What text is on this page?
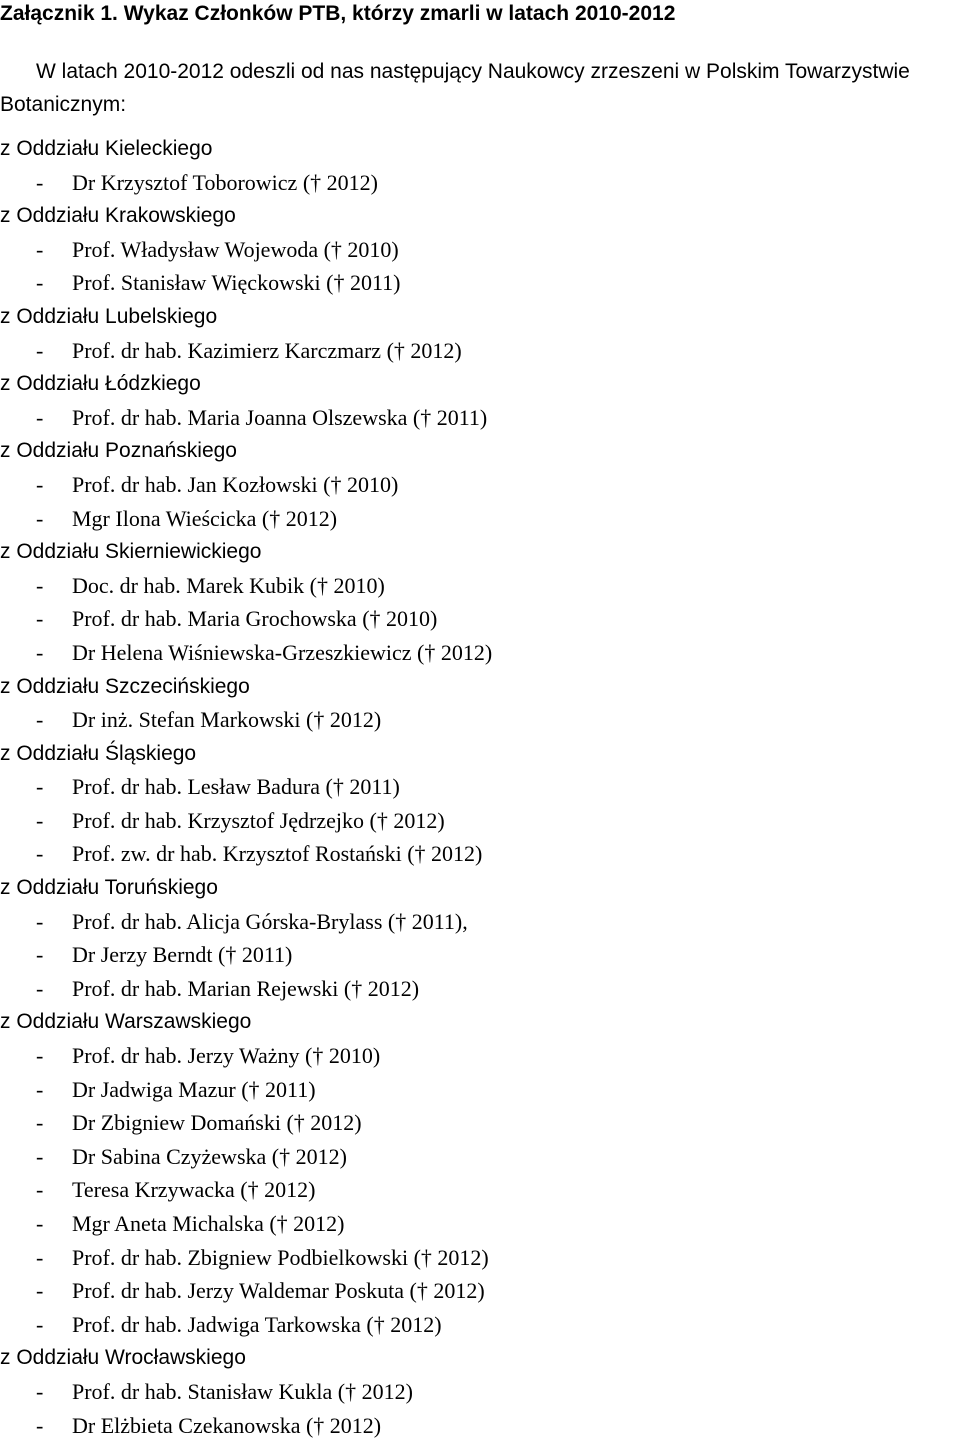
Załącznik 1. Wykaz Członków PTB, którzy zmarli w latach 2010-2012

W latach 2010-2012 odeszli od nas następujący Naukowcy zrzeszeni w Polskim Towarzystwie
Botanicznym:

z Oddziału Kieleckiego
- Dr Krzysztof Toborowicz († 2012)
z Oddziału Krakowskiego
- Prof. Władysław Wojewoda († 2010)
- Prof. Stanisław Więckowski († 2011)
z Oddziału Lubelskiego
- Prof. dr hab. Kazimierz Karczmarz († 2012)
z Oddziału Łódzkiego
- Prof. dr hab. Maria Joanna Olszewska († 2011)
z Oddziału Poznańskiego
- Prof. dr hab. Jan Kozłowski († 2010)
- Mgr Ilona Wieścicka († 2012)
z Oddziału Skierniewickiego
- Doc. dr hab. Marek Kubik († 2010)
- Prof. dr hab. Maria Grochowska († 2010)
- Dr Helena Wiśniewska-Grzeszkiewicz († 2012)
z Oddziału Szczecińskiego
- Dr inż. Stefan Markowski († 2012)
z Oddziału Śląskiego
- Prof. dr hab. Lesław Badura († 2011)
- Prof. dr hab. Krzysztof Jędrzejko († 2012)
- Prof. zw. dr hab. Krzysztof Rostański († 2012)
z Oddziału Toruńskiego
- Prof. dr hab. Alicja Górska-Brylass († 2011),
- Dr Jerzy Berndt († 2011)
- Prof. dr hab. Marian Rejewski († 2012)
z Oddziału Warszawskiego
- Prof. dr hab. Jerzy Ważny († 2010)
- Dr Jadwiga Mazur († 2011)
- Dr Zbigniew Domański († 2012)
- Dr Sabina Czyżewska († 2012)
- Teresa Krzywacka († 2012)
- Mgr Aneta Michalska († 2012)
- Prof. dr hab. Zbigniew Podbielkowski († 2012)
- Prof. dr hab. Jerzy Waldemar Poskuta († 2012)
- Prof. dr hab. Jadwiga Tarkowska († 2012)
z Oddziału Wrocławskiego
- Prof. dr hab. Stanisław Kukla († 2012)
- Dr Elżbieta Czekanowska († 2012)
